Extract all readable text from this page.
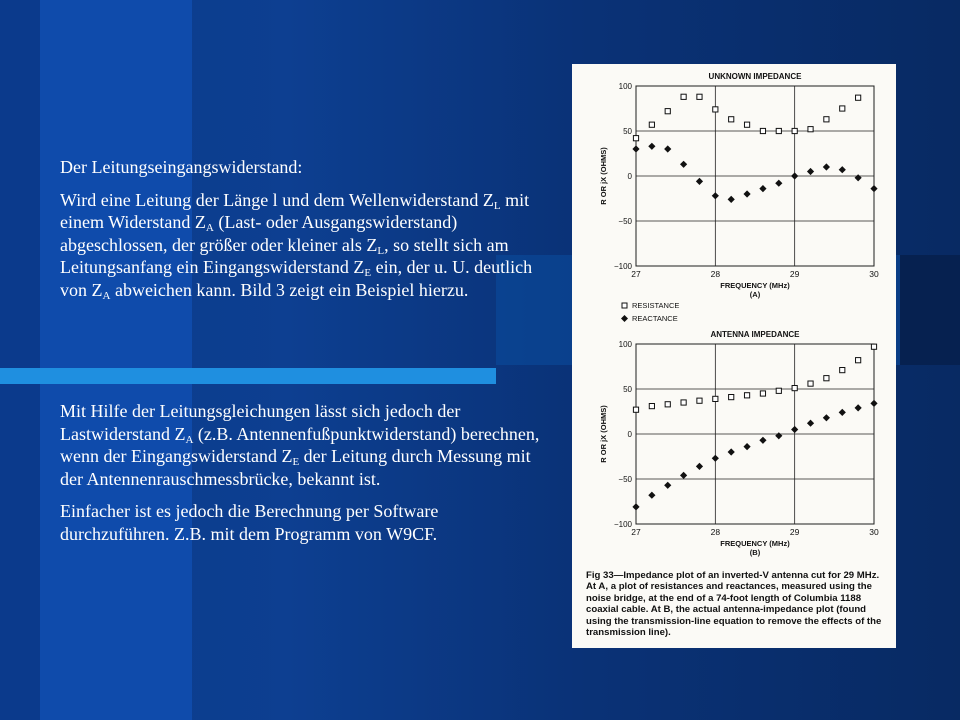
Der Leitungseingangswiderstand:

Wird eine Leitung der Länge l und dem Wellenwiderstand $Z_L$ mit einem Widerstand $Z_A$ (Last- oder Ausgangswiderstand) abgeschlossen, der größer oder kleiner als $Z_L$, so stellt sich am Leitungsanfang ein Eingangswiderstand $Z_E$ ein, der u. U. deutlich von $Z_A$ abweichen kann. Bild 3 zeigt ein Beispiel hierzu.

Mit Hilfe der Leitungsgleichungen lässt sich jedoch der Lastwiderstand $Z_A$ (z.B. Antennenfußpunktwiderstand) berechnen, wenn der Eingangswiderstand $Z_E$ der Leitung durch Messung mit der Antennenrauschmessbrücke, bekannt ist.

Einfacher ist es jedoch die Berechnung per Software durchzuführen. Z.B. mit dem Programm von W9CF.

UNKNOWN IMPEDANCE
100
50
0
−50
−100
27	28	29	30
FREQUENCY (MHz)
(A)
R OR jX (OHMS)
RESISTANCE
REACTANCE
ANTENNA IMPEDANCE
100
50
0
−50
−100
27	28	29	30
FREQUENCY (MHz)
(B)
R OR jX (OHMS)
Fig 33—Impedance plot of an inverted-V antenna cut for 29 MHz. At A, a plot of resistances and reactances, measured using the noise bridge, at the end of a 74-foot length of Columbia 1188 coaxial cable. At B, the actual antenna-impedance plot (found using the transmission-line equation to remove the effects of the transmission line).
